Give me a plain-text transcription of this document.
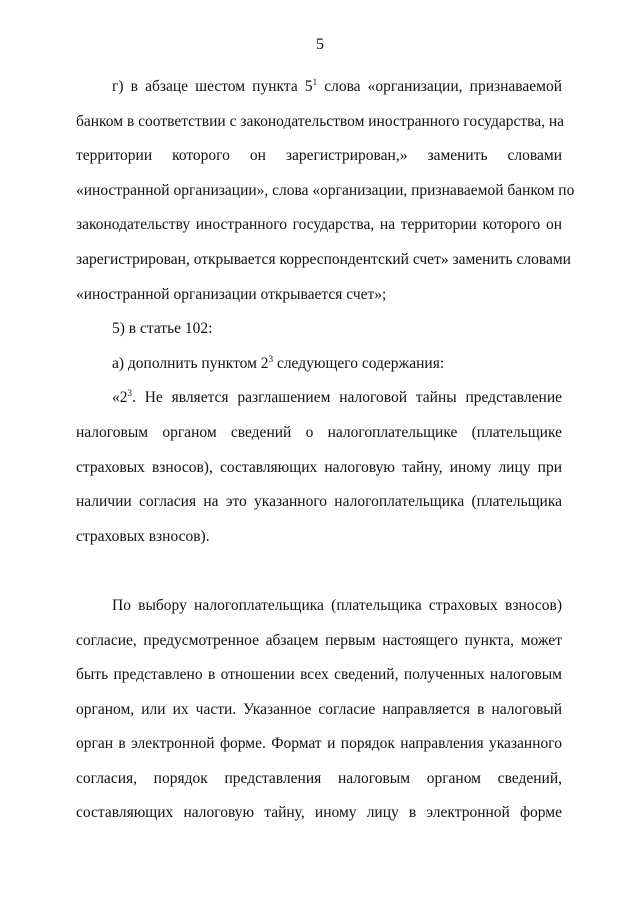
5
г) в абзаце шестом пункта $5^1$ слова «организации, признаваемой
банком в соответствии с законодательством иностранного государства, на
территории которого он зарегистрирован,» заменить словами
«иностранной организации», слова «организации, признаваемой банком по
законодательству иностранного государства, на территории которого он
зарегистрирован, открывается корреспондентский счет» заменить словами
«иностранной организации открывается счет»;
5) в статье 102:
а) дополнить пунктом $2^3$ следующего содержания:
«$2^3$. Не является разглашением налоговой тайны представление
налоговым органом сведений о налогоплательщике (плательщике
страховых взносов), составляющих налоговую тайну, иному лицу при
наличии согласия на это указанного налогоплательщика (плательщика
страховых взносов).
По выбору налогоплательщика (плательщика страховых взносов)
согласие, предусмотренное абзацем первым настоящего пункта, может
быть представлено в отношении всех сведений, полученных налоговым
органом, или их части. Указанное согласие направляется в налоговый
орган в электронной форме. Формат и порядок направления указанного
согласия, порядок представления налоговым органом сведений,
составляющих налоговую тайну, иному лицу в электронной форме
